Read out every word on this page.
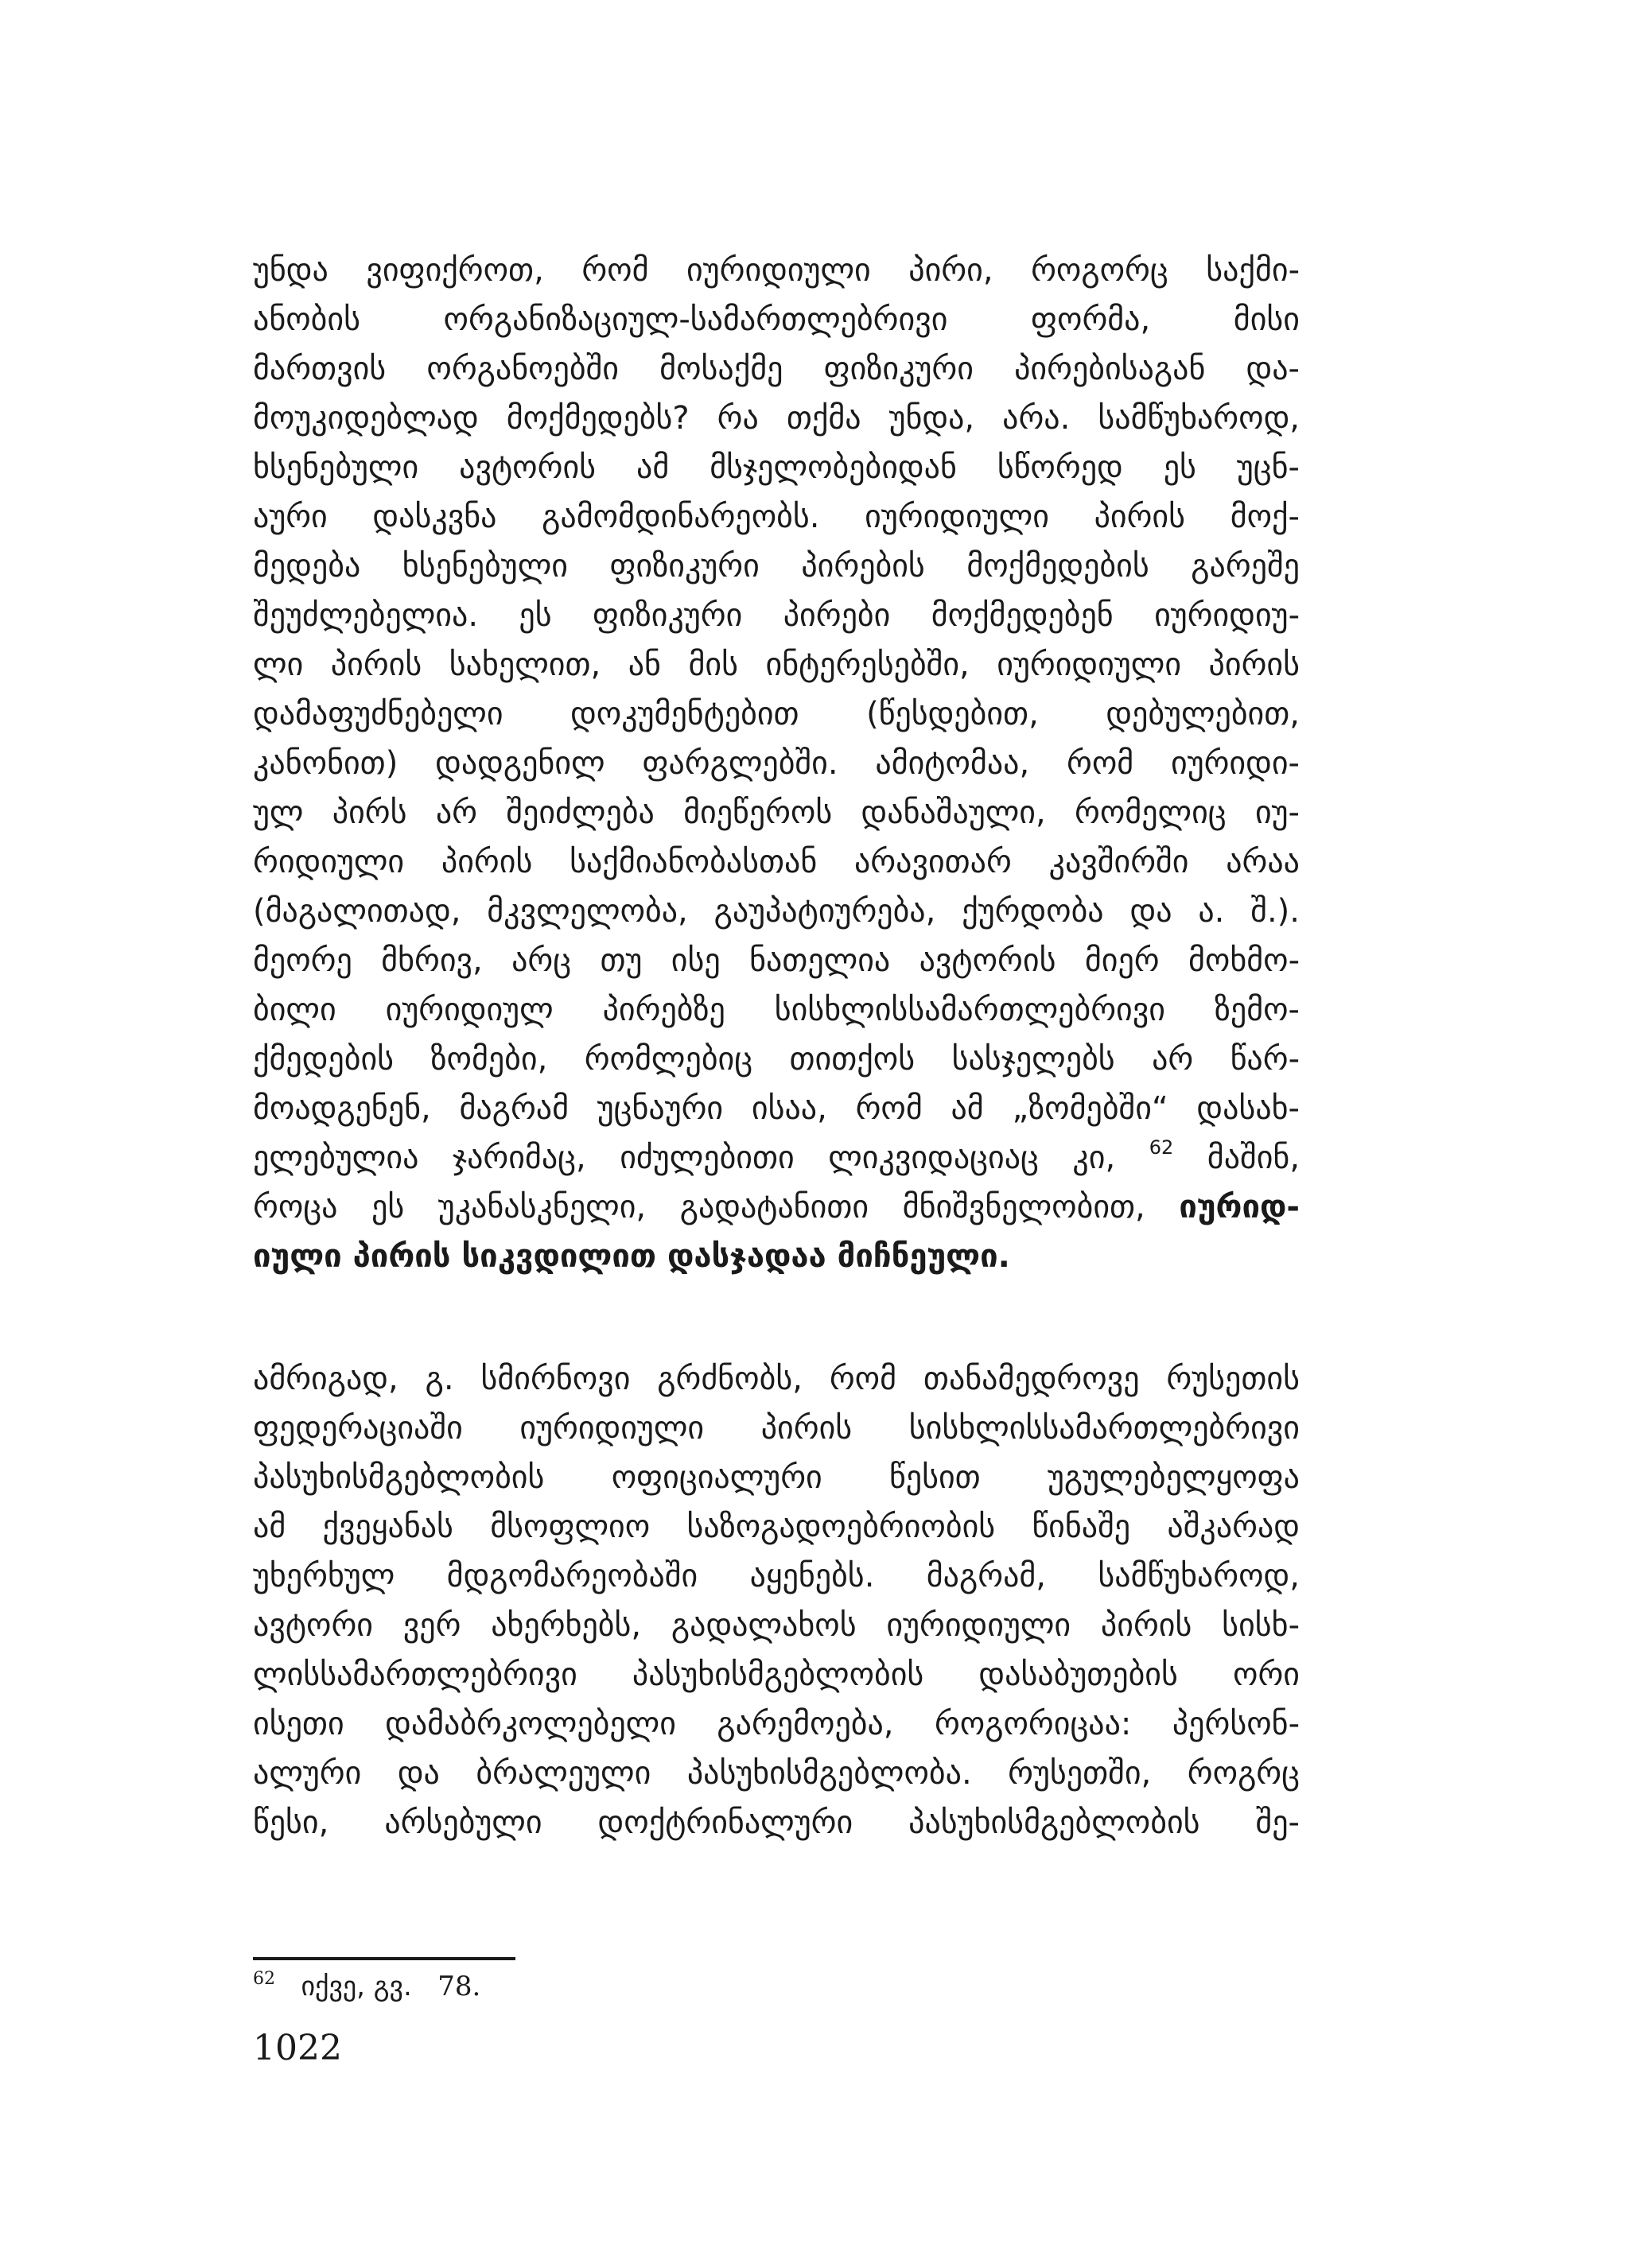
უნდა ვიფიქროთ, რომ იურიდიული პირი, როგორც საქმი-
ანობის ორგანიზაციულ-სამართლებრივი ფორმა, მისი
მართვის ორგანოებში მოსაქმე ფიზიკური პირებისაგან და-
მოუკიდებლად მოქმედებს? რა თქმა უნდა, არა. სამწუხაროდ,
ხსენებული ავტორის ამ მსჯელობებიდან სწორედ ეს უცნ-
აური დასკვნა გამომდინარეობს. იურიდიული პირის მოქ-
მედება ხსენებული ფიზიკური პირების მოქმედების გარეშე
შეუძლებელია. ეს ფიზიკური პირები მოქმედებენ იურიდიუ-
ლი პირის სახელით, ან მის ინტერესებში, იურიდიული პირის
დამაფუძნებელი დოკუმენტებით (წესდებით, დებულებით,
კანონით) დადგენილ ფარგლებში. ამიტომაა, რომ იურიდი-
ულ პირს არ შეიძლება მიეწეროს დანაშაული, რომელიც იუ-
რიდიული პირის საქმიანობასთან არავითარ კავშირში არაა
(მაგალითად, მკვლელობა, გაუპატიურება, ქურდობა და ა. შ.).
მეორე მხრივ, არც თუ ისე ნათელია ავტორის მიერ მოხმო-
ბილი იურიდიულ პირებზე სისხლისსამართლებრივი ზემო-
ქმედების ზომები, რომლებიც თითქოს სასჯელებს არ წარ-
მოადგენენ, მაგრამ უცნაური ისაა, რომ ამ „ზომებში“ დასახ-
ელებულია ჯარიმაც, იძულებითი ლიკვიდაციაც კი, $^{62}$ მაშინ,
როცა ეს უკანასკნელი, გადატანითი მნიშვნელობით, იურიდ-
იული პირის სიკვდილით დასჯადაა მიჩნეული.
ამრიგად, გ. სმირნოვი გრძნობს, რომ თანამედროვე რუსეთის
ფედერაციაში იურიდიული პირის სისხლისსამართლებრივი
პასუხისმგებლობის ოფიციალური წესით უგულებელყოფა
ამ ქვეყანას მსოფლიო საზოგადოებრიობის წინაშე აშკარად
უხერხულ მდგომარეობაში აყენებს. მაგრამ, სამწუხაროდ,
ავტორი ვერ ახერხებს, გადალახოს იურიდიული პირის სისხ-
ლისსამართლებრივი პასუხისმგებლობის დასაბუთების ორი
ისეთი დამაბრკოლებელი გარემოება, როგორიცაა: პერსონ-
ალური და ბრალეული პასუხისმგებლობა. რუსეთში, როგრც
წესი, არსებული დოქტრინალური პასუხისმგებლობის შე-
$^{62}$ იქვე, გვ. 78.
1022
